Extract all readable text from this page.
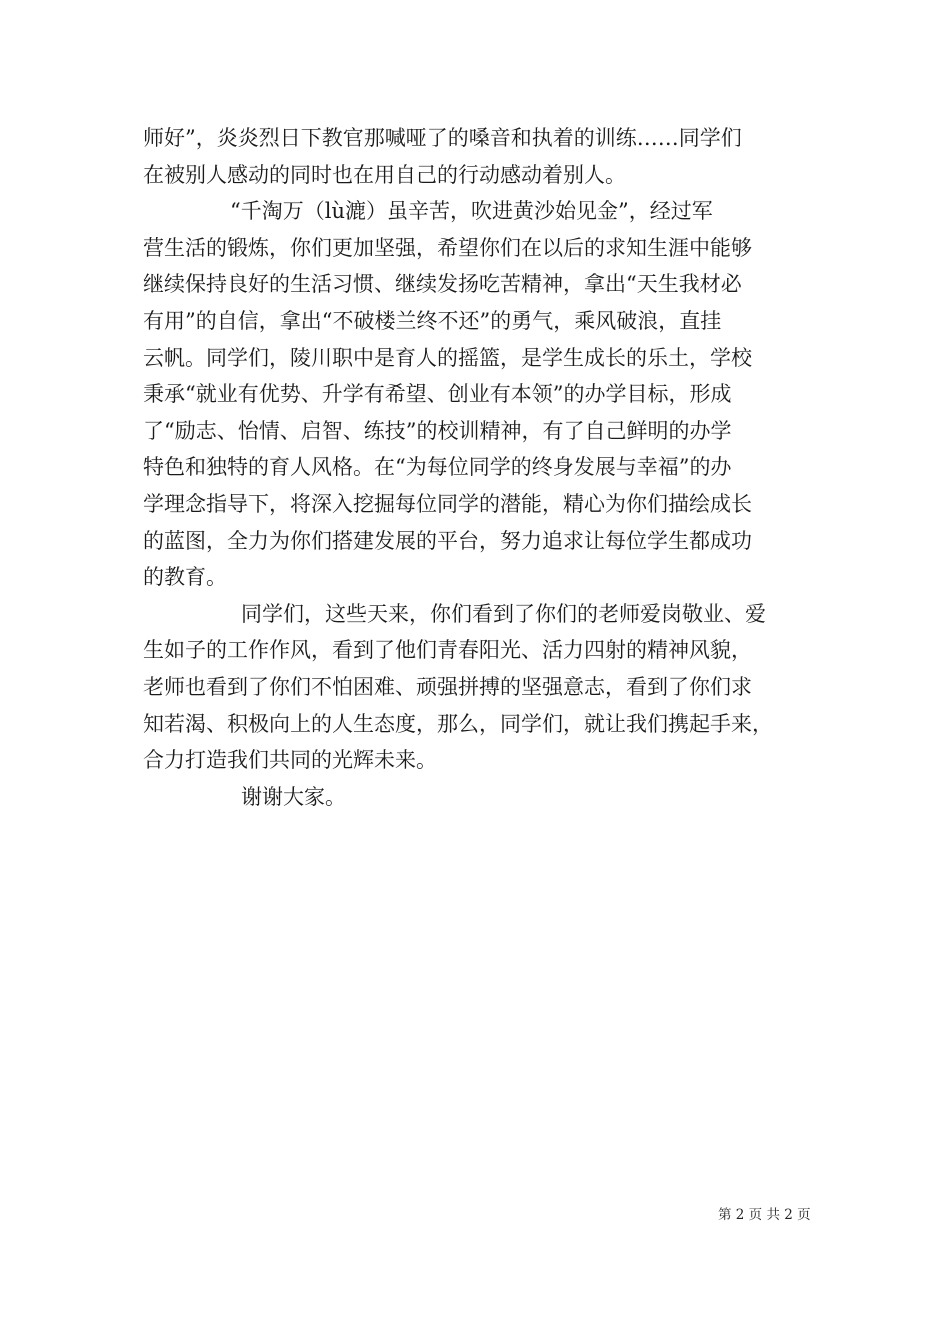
师好”，炎炎烈日下教官那喊哑了的嗓音和执着的训练……同学们
在被别人感动的同时也在用自己的行动感动着别人。
“千淘万（lù漉）虽辛苦，吹进黄沙始见金”，经过军
营生活的锻炼，你们更加坚强，希望你们在以后的求知生涯中能够
继续保持良好的生活习惯、继续发扬吃苦精神，拿出“天生我材必
有用”的自信，拿出“不破楼兰终不还”的勇气，乘风破浪，直挂
云帆。同学们，陵川职中是育人的摇篮，是学生成长的乐土，学校
秉承“就业有优势、升学有希望、创业有本领”的办学目标，形成
了“励志、怡情、启智、练技”的校训精神，有了自己鲜明的办学
特色和独特的育人风格。在“为每位同学的终身发展与幸福”的办
学理念指导下，将深入挖掘每位同学的潜能，精心为你们描绘成长
的蓝图，全力为你们搭建发展的平台，努力追求让每位学生都成功
的教育。
同学们，这些天来，你们看到了你们的老师爱岗敬业、爱
生如子的工作作风，看到了他们青春阳光、活力四射的精神风貌，
老师也看到了你们不怕困难、顽强拼搏的坚强意志，看到了你们求
知若渴、积极向上的人生态度，那么，同学们，就让我们携起手来，
合力打造我们共同的光辉未来。
谢谢大家。
第 2 页 共 2 页
